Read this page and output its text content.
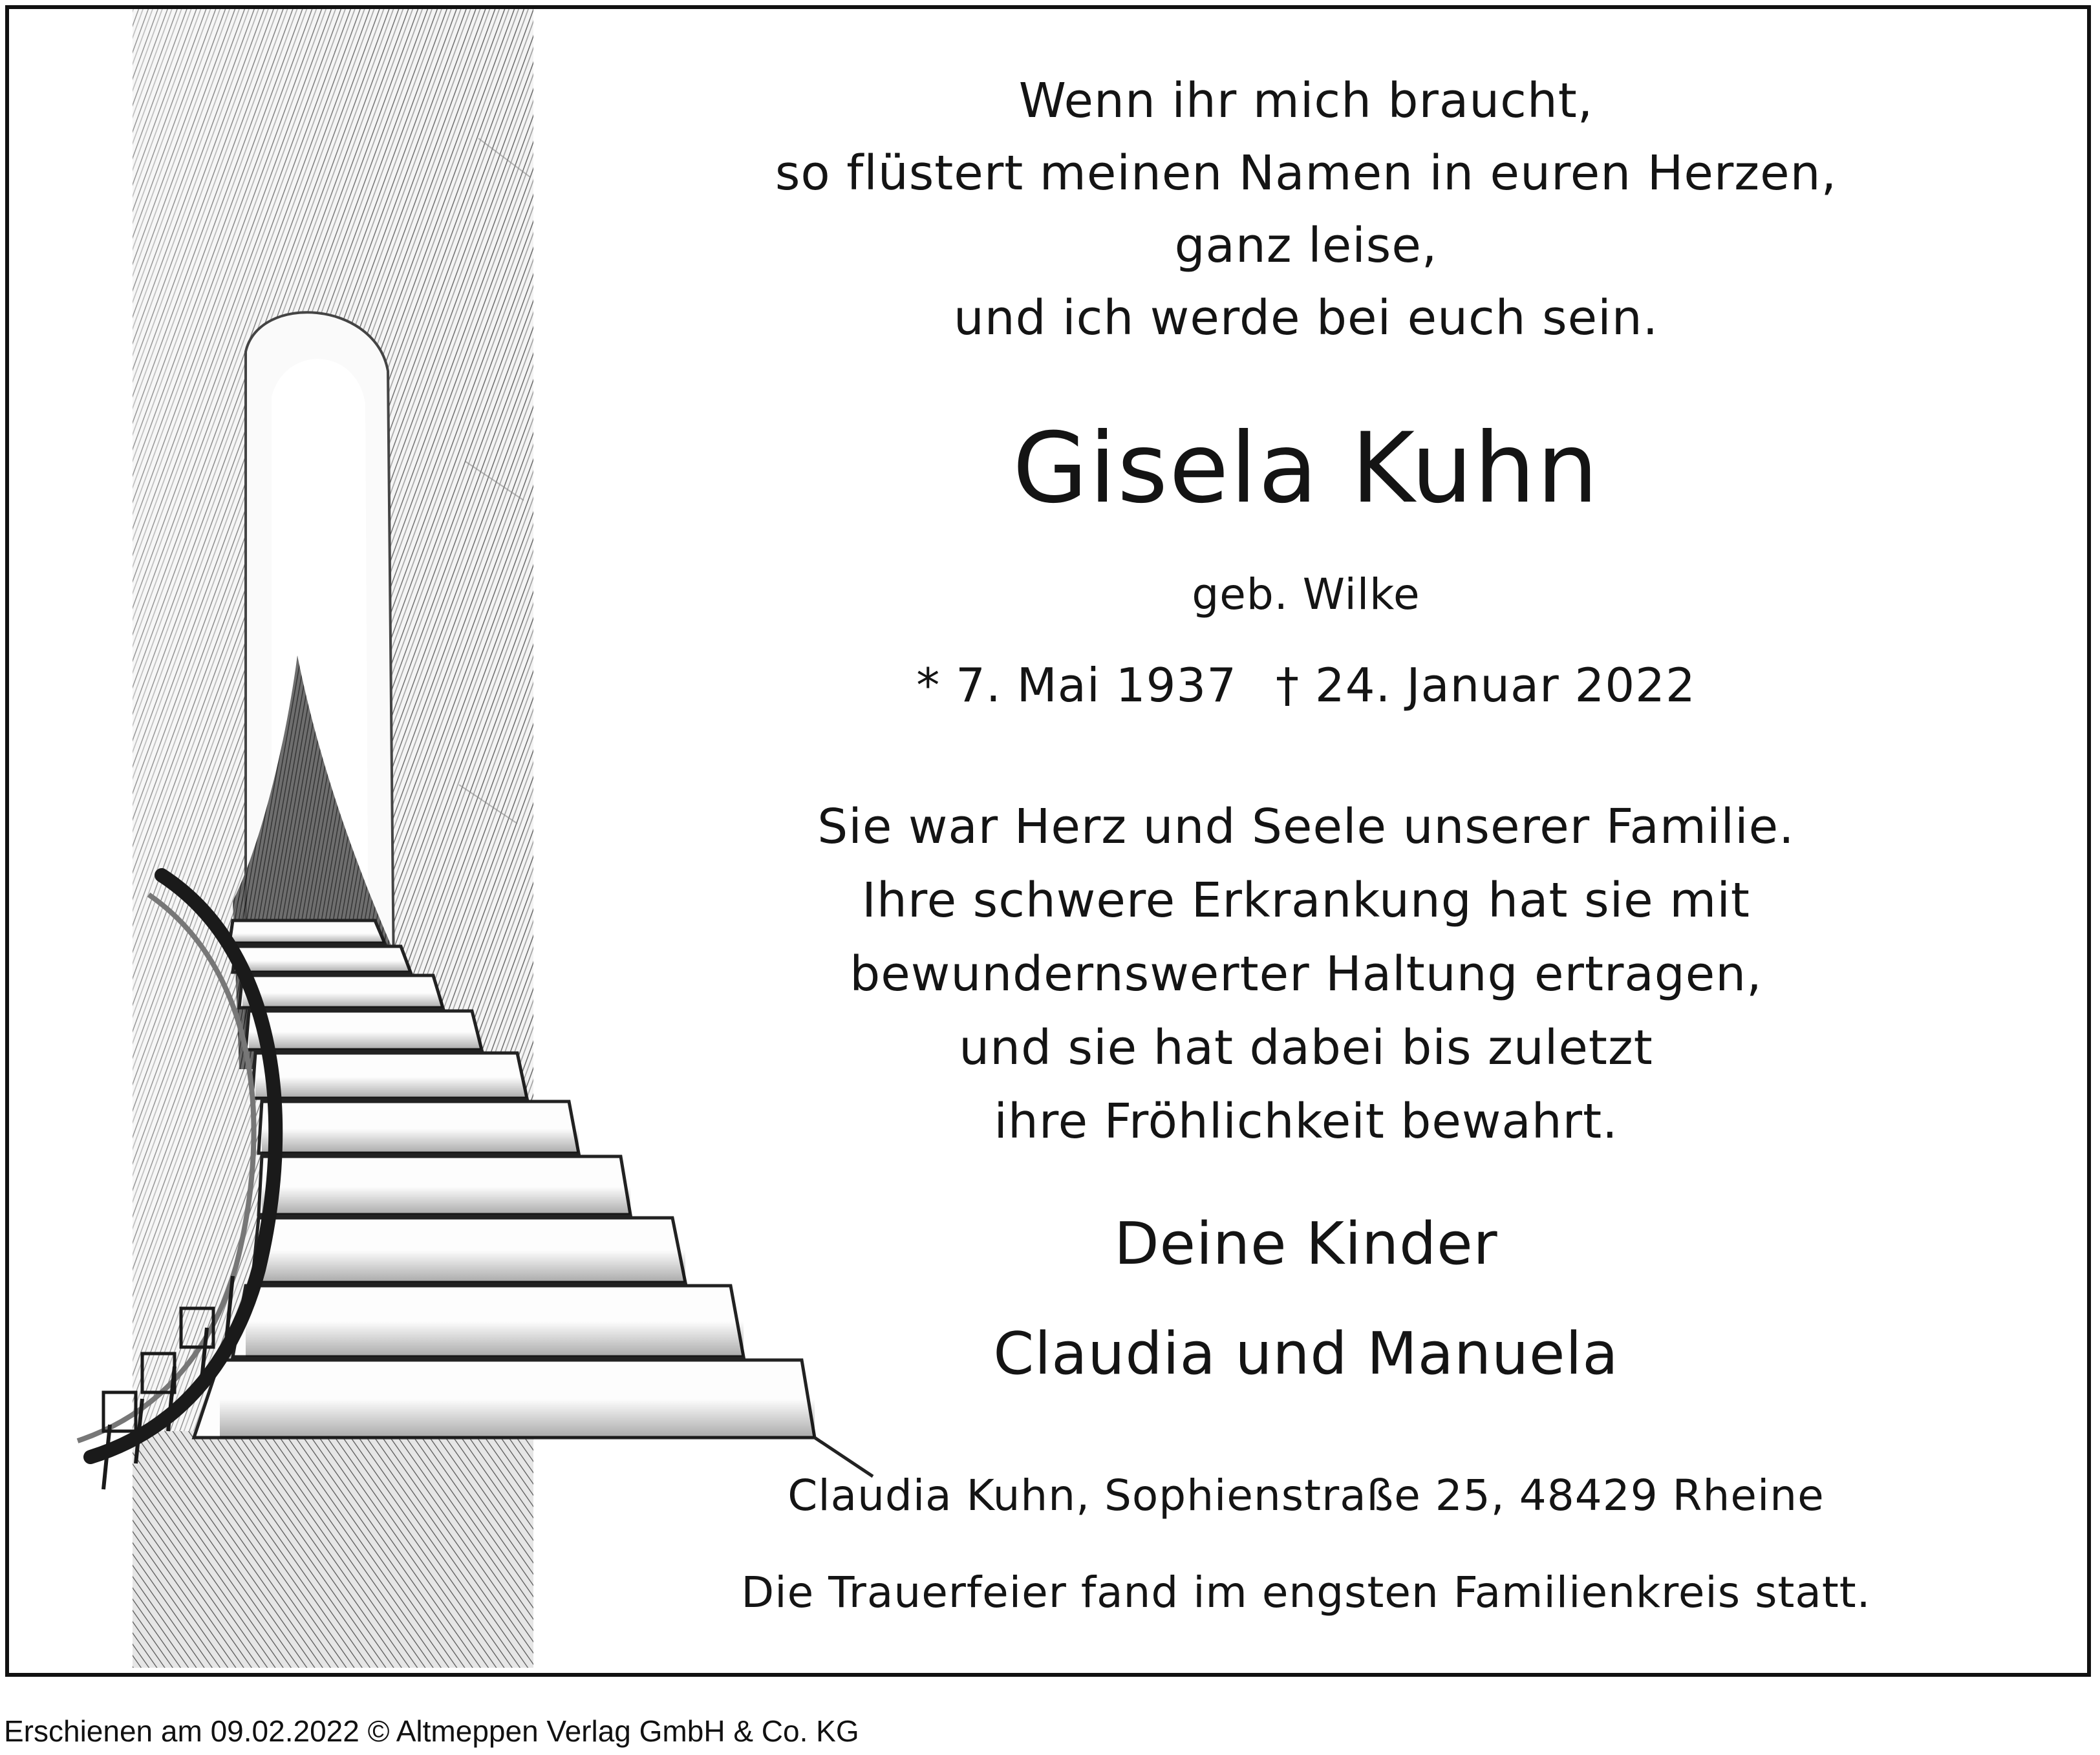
Wenn ihr mich braucht,
so flüstert meinen Namen in euren Herzen,
ganz leise,
und ich werde bei euch sein.
Gisela Kuhn
geb. Wilke
* 7. Mai 1937 † 24. Januar 2022
Sie war Herz und Seele unserer Familie.
Ihre schwere Erkrankung hat sie mit
bewundernswerter Haltung ertragen,
und sie hat dabei bis zuletzt
ihre Fröhlichkeit bewahrt.
Deine Kinder
Claudia und Manuela
Claudia Kuhn, Sophienstraße 25, 48429 Rheine
Die Trauerfeier fand im engsten Familienkreis statt.
Erschienen am 09.02.2022 © Altmeppen Verlag GmbH & Co. KG
